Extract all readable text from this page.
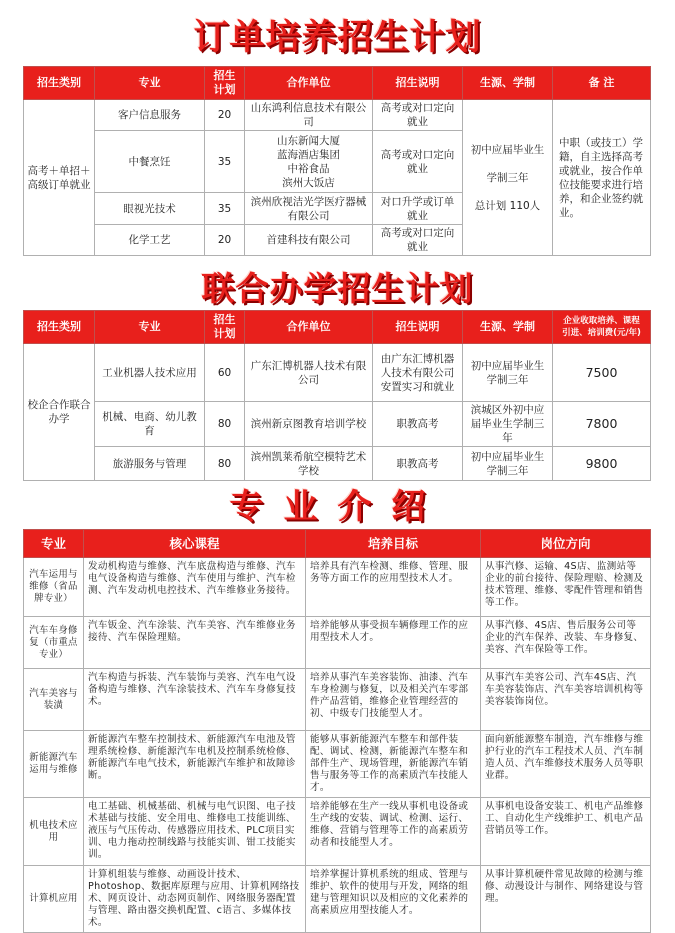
订单培养招生计划
招生类别	专业	招生
计划	合作单位	招生说明	生源、学制	备 注
高考＋单招＋高级订单就业	客户信息服务	20	山东鸿利信息技术有限公司	高考或对口定向就业	初中应届毕业生
学制三年
总计划 110人	中职（或技工）学籍，自主选择高考或就业，按合作单位技能要求进行培养，和企业签约就业。
	中餐烹饪	35	山东新闻大厦
蓝海酒店集团
中裕食品
滨州大饭店	高考或对口定向就业		
	眼视光技术	35	滨州欣视洁光学医疗器械有限公司	对口升学或订单就业		
	化学工艺	20	首建科技有限公司	高考或对口定向就业		
联合办学招生计划
招生类别	专业	招生
计划	合作单位	招生说明	生源、学制	企业收取培养、课程
引进、培训费(元/年)

校企合作联合办学	工业机器人技术应用	60	广东汇博机器人技术有限公司	由广东汇博机器人技术有限公司安置实习和就业	初中应届毕业生学制三年	7500
	机械、电商、幼儿教育	80	滨州新京图教育培训学校	职教高考	滨城区外初中应届毕业生学制三年	7800
	旅游服务与管理	80	滨州凯莱希航空模特艺术学校	职教高考	初中应届毕业生学制三年	9800
专业介绍
专业	核心课程	培养目标	岗位方向
汽车运用与维修（省品牌专业）	发动机构造与维修、汽车底盘构造与维修、汽车电气设备构造与维修、汽车使用与维护、汽车检测、汽车发动机电控技术、汽车维修业务接待。	培养具有汽车检测、维修、管理、服务等方面工作的应用型技术人才。	从事汽修、运输、4S店、监测站等企业的前台接待、保险理赔、检测及技术管理、维修、零配件管理和销售等工作。
汽车车身修复（市重点专业）	汽车钣金、汽车涂装、汽车美容、汽车维修业务接待、汽车保险理赔。	培养能够从事受损车辆修理工作的应用型技术人才。	从事汽修、4S店、售后服务公司等企业的汽车保养、改装、车身修复、美容、汽车保险等工作。
汽车美容与装潢	汽车构造与拆装、汽车装饰与美容、汽车电气设备构造与维修、汽车涂装技术、汽车车身修复技术。	培养从事汽车美容装饰、油漆、汽车车身检测与修复，以及相关汽车零部件产品营销，维修企业管理经营的初、中级专门技能型人才。	从事汽车美容公司、汽车4S店、汽车美容装饰店、汽车美容培训机构等美容装饰岗位。
新能源汽车运用与维修	新能源汽车整车控制技术、新能源汽车电池及管理系统检修、新能源汽车电机及控制系统检修、新能源汽车电气技术，新能源汽车维护和故障诊断。	能够从事新能源汽车整车和部件装配、调试、检测，新能源汽车整车和部件生产、现场管理，新能源汽车销售与服务等工作的高素质汽车技能人才。	面向新能源整车制造，汽车维修与维护行业的汽车工程技术人员、汽车制造人员、汽车维修技术服务人员等职业群。
机电技术应用	电工基础、机械基础、机械与电气识图、电子技术基础与技能、安全用电、维修电工技能训练、液压与气压传动、传感器应用技术、PLC项目实训、电力拖动控制线路与技能实训、钳工技能实训。	培养能够在生产一线从事机电设备或生产线的安装、调试、检测、运行、维修、营销与管理等工作的高素质劳动者和技能型人才。	从事机电设备安装工、机电产品维修工、自动化生产线维护工、机电产品营销员等工作。
计算机应用	计算机组装与维修、动画设计技术、Photoshop、数据库原理与应用、计算机网络技术、网页设计、动态网页制作、网络服务器配置与管理、路由器交换机配置、c语言、多媒体技术。	培养掌握计算机系统的组成、管理与维护、软件的使用与开发，网络的组建与管理知识以及相应的文化素养的高素质应用型技能人才。	从事计算机硬件常见故障的检测与维修、动漫设计与制作、网络建设与管理。
